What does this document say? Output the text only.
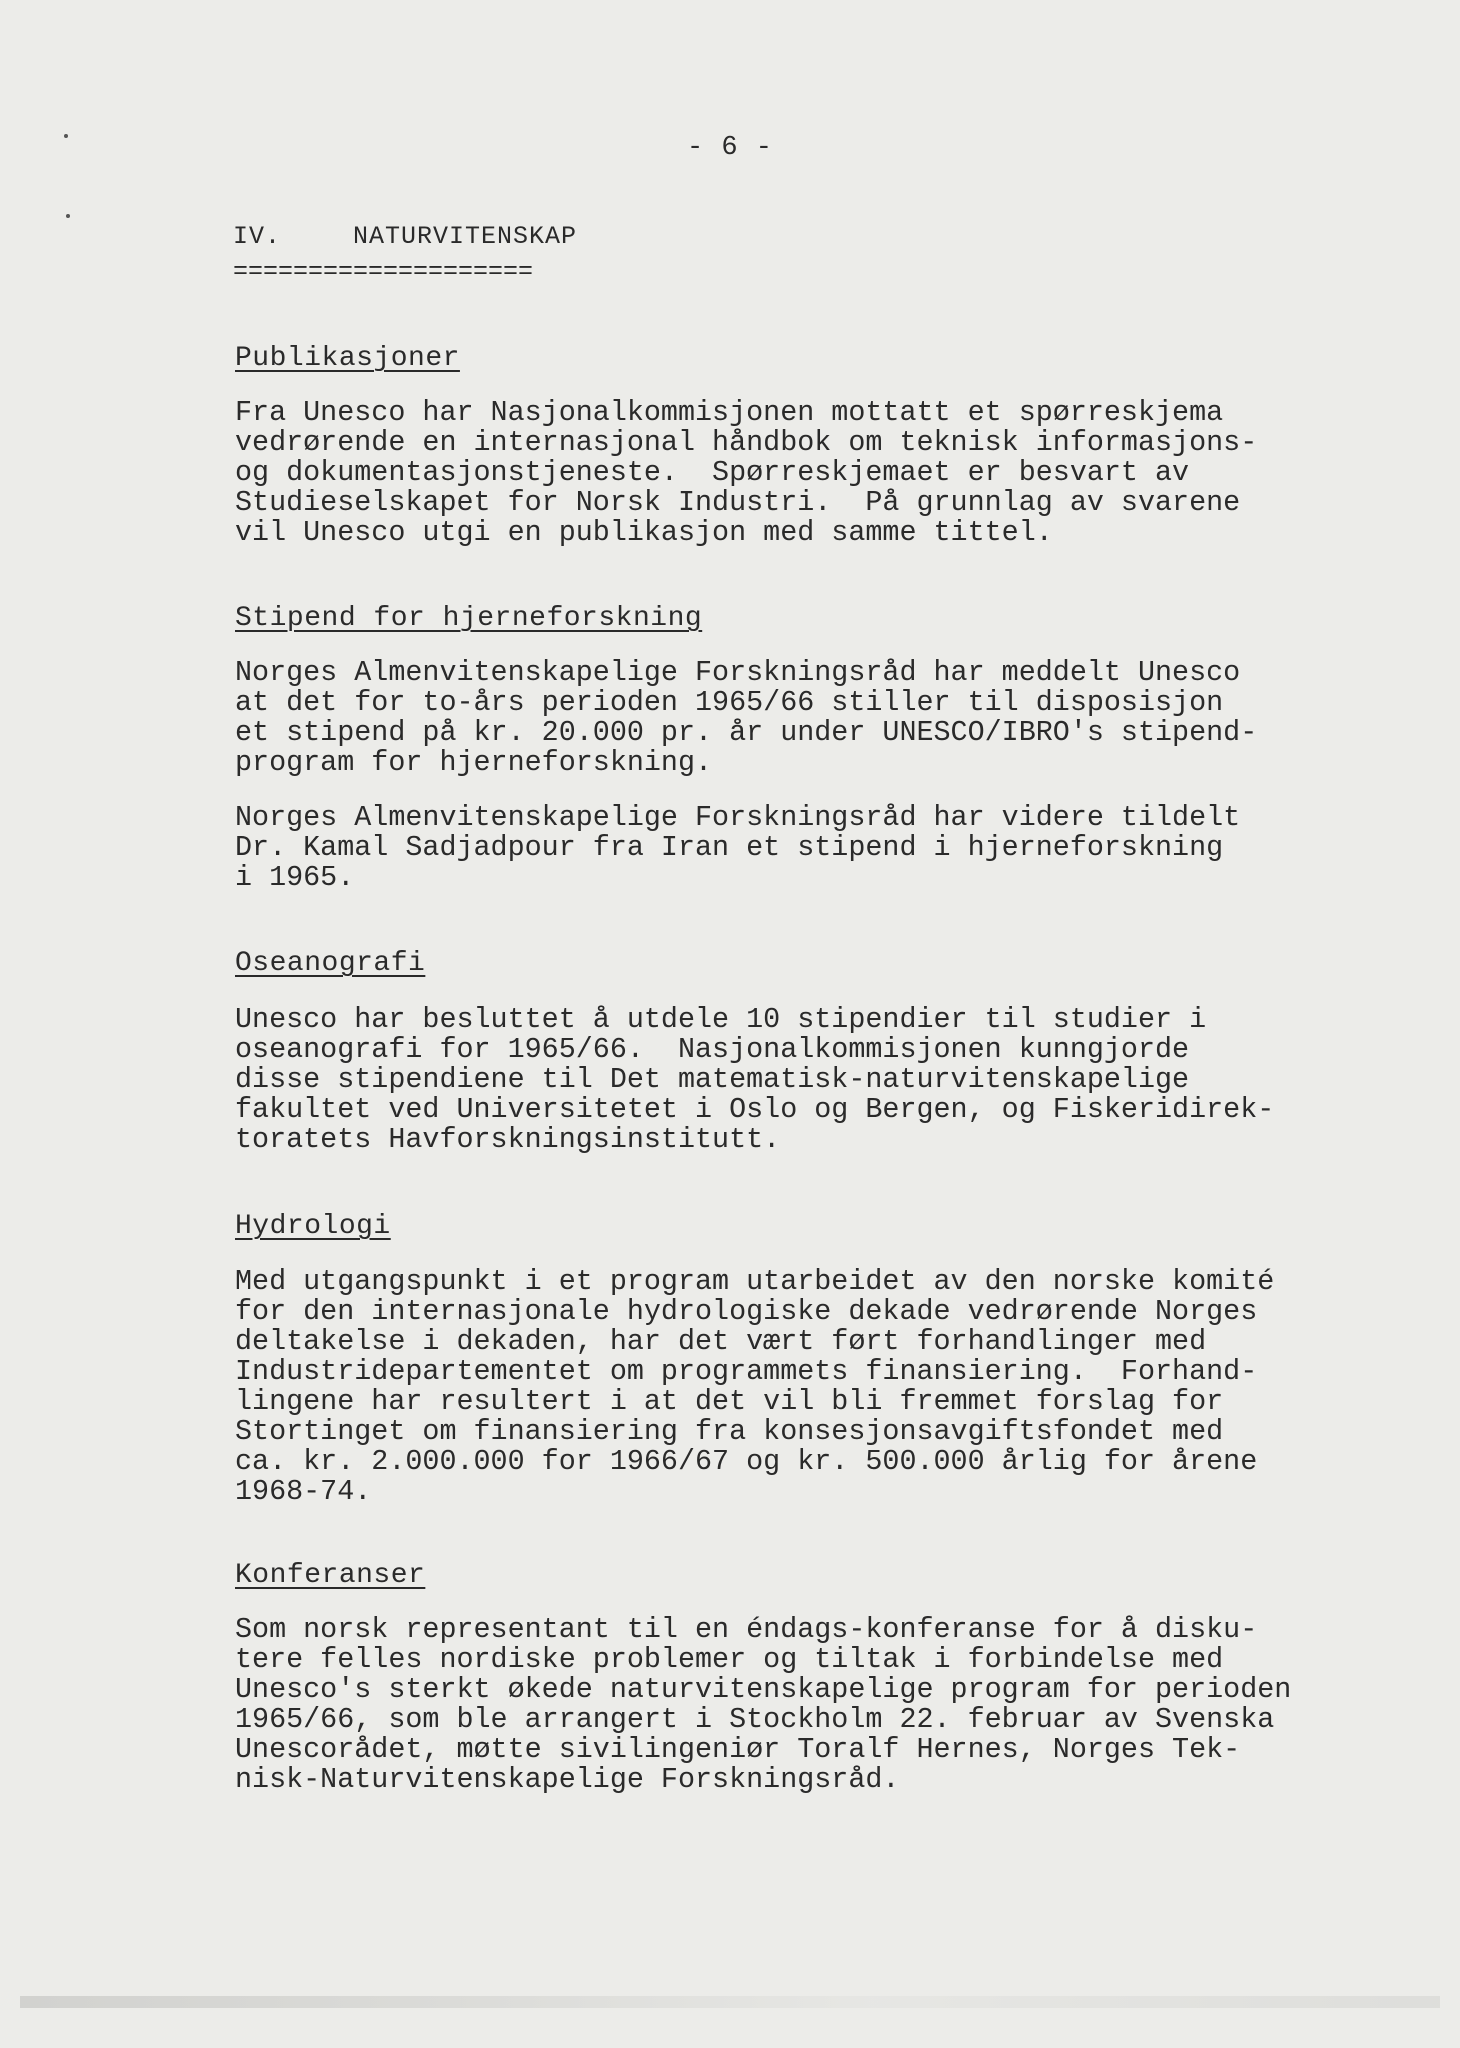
- 6 -
IV.	NATURVITENSKAP
====================
Publikasjoner

Fra Unesco har Nasjonalkommisjonen mottatt et spørreskjema
vedrørende en internasjonal håndbok om teknisk informasjons-
og dokumentasjonstjeneste.  Spørreskjemaet er besvart av
Studieselskapet for Norsk Industri.  På grunnlag av svarene
vil Unesco utgi en publikasjon med samme tittel.

Stipend for hjerneforskning

Norges Almenvitenskapelige Forskningsråd har meddelt Unesco
at det for to-års perioden 1965/66 stiller til disposisjon
et stipend på kr. 20.000 pr. år under UNESCO/IBRO's stipend-
program for hjerneforskning.

Norges Almenvitenskapelige Forskningsråd har videre tildelt
Dr. Kamal Sadjadpour fra Iran et stipend i hjerneforskning
i 1965.

Oseanografi

Unesco har besluttet å utdele 10 stipendier til studier i
oseanografi for 1965/66.  Nasjonalkommisjonen kunngjorde
disse stipendiene til Det matematisk-naturvitenskapelige
fakultet ved Universitetet i Oslo og Bergen, og Fiskeridirek-
toratets Havforskningsinstitutt.

Hydrologi

Med utgangspunkt i et program utarbeidet av den norske komité
for den internasjonale hydrologiske dekade vedrørende Norges
deltakelse i dekaden, har det vært ført forhandlinger med
Industridepartementet om programmets finansiering.  Forhand-
lingene har resultert i at det vil bli fremmet forslag for
Stortinget om finansiering fra konsesjonsavgiftsfondet med
ca. kr. 2.000.000 for 1966/67 og kr. 500.000 årlig for årene
1968-74.

Konferanser

Som norsk representant til en éndags-konferanse for å disku-
tere felles nordiske problemer og tiltak i forbindelse med
Unesco's sterkt økede naturvitenskapelige program for perioden
1965/66, som ble arrangert i Stockholm 22. februar av Svenska
Unescorådet, møtte sivilingeniør Toralf Hernes, Norges Tek-
nisk-Naturvitenskapelige Forskningsråd.
